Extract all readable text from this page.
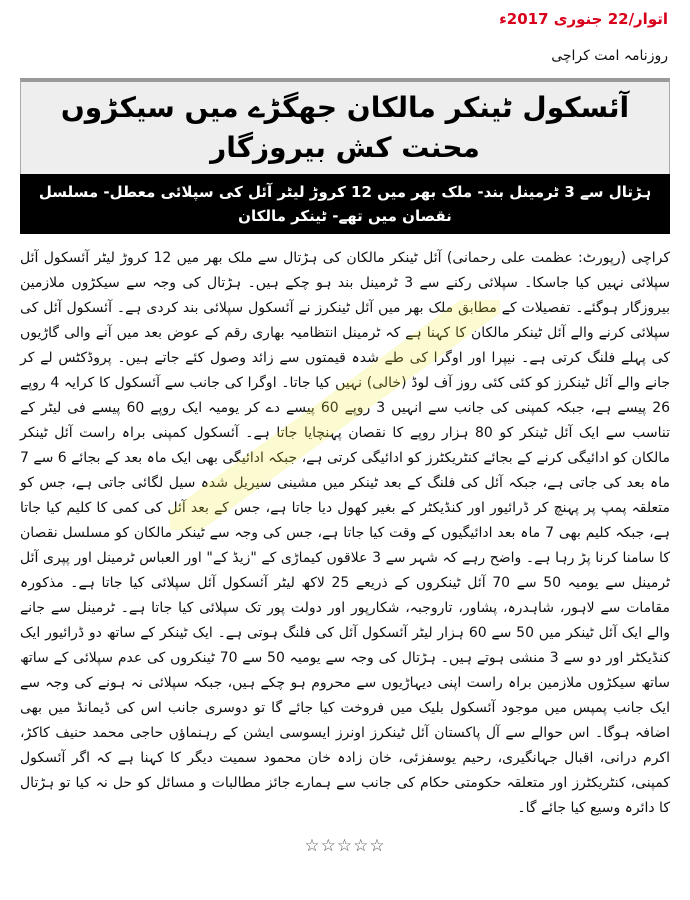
اتوار/22 جنوری 2017ء
روزنامہ امت کراچی
آئسکول ٹینکر مالکان جھگڑے میں سیکڑوں محنت کش بیروزگار
ہڑتال سے 3 ٹرمینل بند- ملک بھر میں 12 کروڑ لیٹر آئل کی سپلائی معطل- مسلسل نقصان میں تھے- ٹینکر مالکان
کراچی (رپورٹ: عظمت علی رحمانی) آئل ٹینکر مالکان کی ہڑتال سے ملک بھر میں 12 کروڑ لیٹر آئسکول آئل سپلائی نہیں کیا جاسکا۔ سپلائی رکنے سے 3 ٹرمینل بند ہو چکے ہیں۔ ہڑتال کی وجہ سے سیکڑوں ملازمین بیروزگار ہوگئے۔ تفصیلات کے مطابق ملک بھر میں آئل ٹینکرز نے آئسکول سپلائی بند کردی ہے۔ آئسکول آئل کی سپلائی کرنے والے آئل ٹینکر مالکان کا کہنا ہے کہ ٹرمینل انتظامیہ بھاری رقم کے عوض بعد میں آنے والی گاڑیوں کی پہلے فلنگ کرتی ہے۔ نیپرا اور اوگرا کی طے شدہ قیمتوں سے زائد وصول کئے جاتے ہیں۔ پروڈکٹس لے کر جانے والے آئل ٹینکرز کو کئی کئی روز آف لوڈ (خالی) نہیں کیا جاتا۔ اوگرا کی جانب سے آئسکول کا کرایہ 4 روپے 26 پیسے ہے، جبکہ کمپنی کی جانب سے انہیں 3 روپے 60 پیسے دے کر یومیہ ایک روپے 60 پیسے فی لیٹر کے تناسب سے ایک آئل ٹینکر کو 80 ہزار روپے کا نقصان پہنچایا جاتا ہے۔ آئسکول کمپنی براہ راست آئل ٹینکر مالکان کو ادائیگی کرنے کے بجائے کنٹریکٹرز کو ادائیگی کرتی ہے، جبکہ ادائیگی بھی ایک ماہ بعد کے بجائے 6 سے 7 ماہ بعد کی جاتی ہے، جبکہ آئل کی فلنگ کے بعد ٹینکر میں مشینی سیریل شدہ سیل لگائی جاتی ہے، جس کو متعلقہ پمپ پر پہنچ کر ڈرائیور اور کنڈیکٹر کے بغیر کھول دیا جاتا ہے، جس کے بعد آئل کی کمی کا کلیم کیا جاتا ہے، جبکہ کلیم بھی 7 ماہ بعد ادائیگیوں کے وقت کیا جاتا ہے، جس کی وجہ سے ٹینکر مالکان کو مسلسل نقصان کا سامنا کرنا پڑ رہا ہے۔ واضح رہے کہ شہر سے 3 علاقوں کیماڑی کے "زیڈ کے" اور العباس ٹرمینل اور پپری آئل ٹرمینل سے یومیہ 50 سے 70 آئل ٹینکروں کے ذریعے 25 لاکھ لیٹر آئسکول آئل سپلائی کیا جاتا ہے۔ مذکورہ مقامات سے لاہور، شاہدرہ، پشاور، تاروجبہ، شکارپور اور دولت پور تک سپلائی کیا جاتا ہے۔ ٹرمینل سے جانے والے ایک آئل ٹینکر میں 50 سے 60 ہزار لیٹر آئسکول آئل کی فلنگ ہوتی ہے۔ ایک ٹینکر کے ساتھ دو ڈرائیور ایک کنڈیکٹر اور دو سے 3 منشی ہوتے ہیں۔ ہڑتال کی وجہ سے یومیہ 50 سے 70 ٹینکروں کی عدم سپلائی کے ساتھ ساتھ سیکڑوں ملازمین براہ راست اپنی دیہاڑیوں سے محروم ہو چکے ہیں، جبکہ سپلائی نہ ہونے کی وجہ سے ایک جانب پمپس میں موجود آئسکول بلیک میں فروخت کیا جائے گا تو دوسری جانب اس کی ڈیمانڈ میں بھی اضافہ ہوگا۔ اس حوالے سے آل پاکستان آئل ٹینکرز اونرز ایسوسی ایشن کے رہنماؤں حاجی محمد حنیف کاکڑ، اکرم درانی، اقبال جہانگیری، رحیم یوسفزئی، خان زادہ خان محمود سمیت دیگر کا کہنا ہے کہ اگر آئسکول کمپنی، کنٹریکٹرز اور متعلقہ حکومتی حکام کی جانب سے ہمارے جائز مطالبات و مسائل کو حل نہ کیا تو ہڑتال کا دائرہ وسیع کیا جائے گا۔
☆☆☆☆☆
